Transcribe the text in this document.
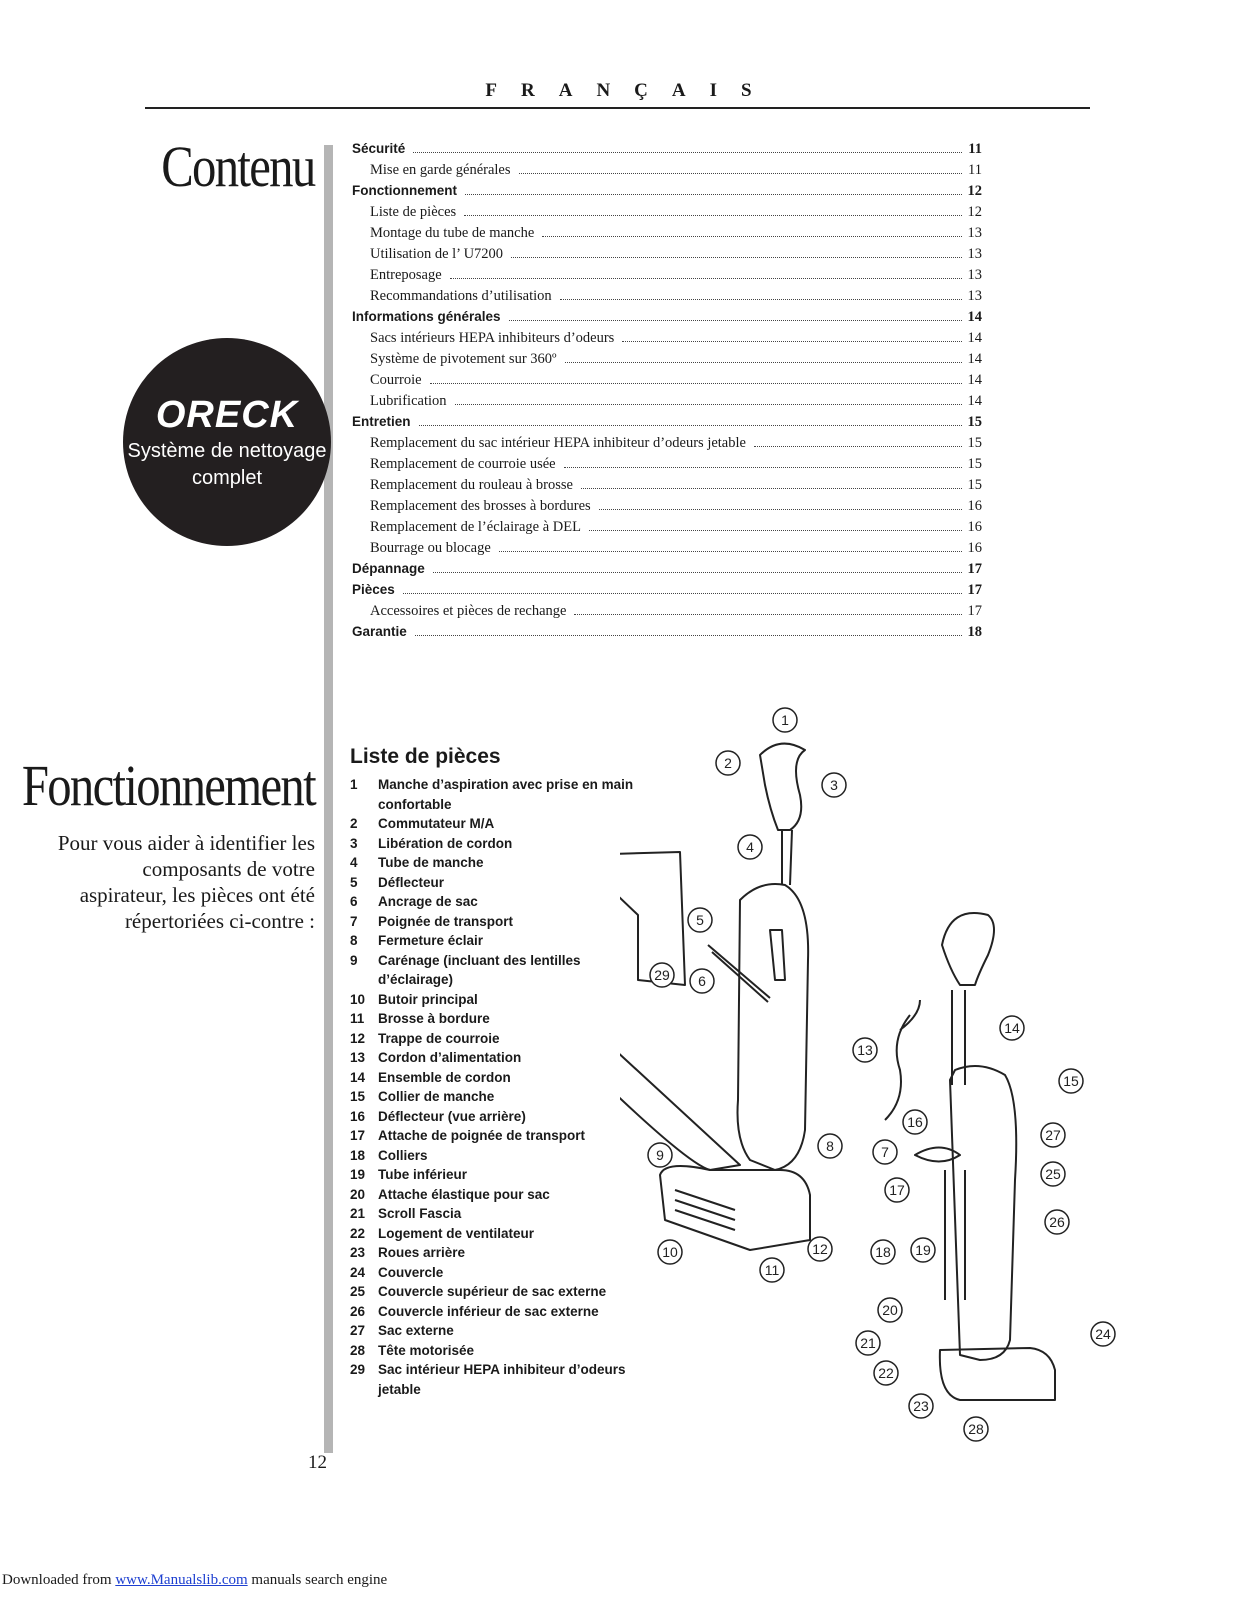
FRANÇAIS
Contenu
ORECK
Système de nettoyage
complet
Sécurité	11
Mise en garde générales	11
Fonctionnement	12
Liste de pièces	12
Montage du tube de manche	13
Utilisation de l’ U7200	13
Entreposage	13
Recommandations d’utilisation	13
Informations générales	14
Sacs intérieurs HEPA inhibiteurs d’odeurs	14
Système de pivotement sur 360º	14
Courroie	14
Lubrification	14
Entretien	15
Remplacement du sac intérieur HEPA inhibiteur d’odeurs jetable	15
Remplacement de courroie usée	15
Remplacement du rouleau à brosse	15
Remplacement des brosses à bordures	16
Remplacement de l’éclairage à DEL	16
Bourrage ou blocage	16
Dépannage	17
Pièces	17
Accessoires et pièces de rechange	17
Garantie	18
Fonctionnement
Pour vous aider à identifier les composants de votre aspirateur, les pièces ont été répertoriées ci-contre :
Liste de pièces
1	Manche d’aspiration avec prise en main confortable
2	Commutateur M/A
3	Libération de cordon
4	Tube de manche
5	Déflecteur
6	Ancrage de sac
7	Poignée de transport
8	Fermeture éclair
9	Carénage (incluant des lentilles d’éclairage)
10 Butoir principal
11	Brosse à bordure
12 Trappe de courroie
13 Cordon d’alimentation
14 Ensemble de cordon
15 Collier de manche
16 Déflecteur (vue arrière)
17 Attache de poignée de transport
18 Colliers
19 Tube inférieur
20 Attache élastique pour sac
21 Scroll Fascia
22 Logement de ventilateur
23 Roues arrière
24 Couvercle
25 Couvercle supérieur de sac externe
26 Couvercle inférieur de sac externe
27 Sac externe
28 Tête motorisée
29 Sac intérieur HEPA inhibiteur d’odeurs jetable
1
2
3
4
5
6
7
8
9
10
11
12
13
14
15
16
17
18 19
20
21
22
23
24
25
26
27
28
29
12
Downloaded from www.Manualslib.com manuals search engine
